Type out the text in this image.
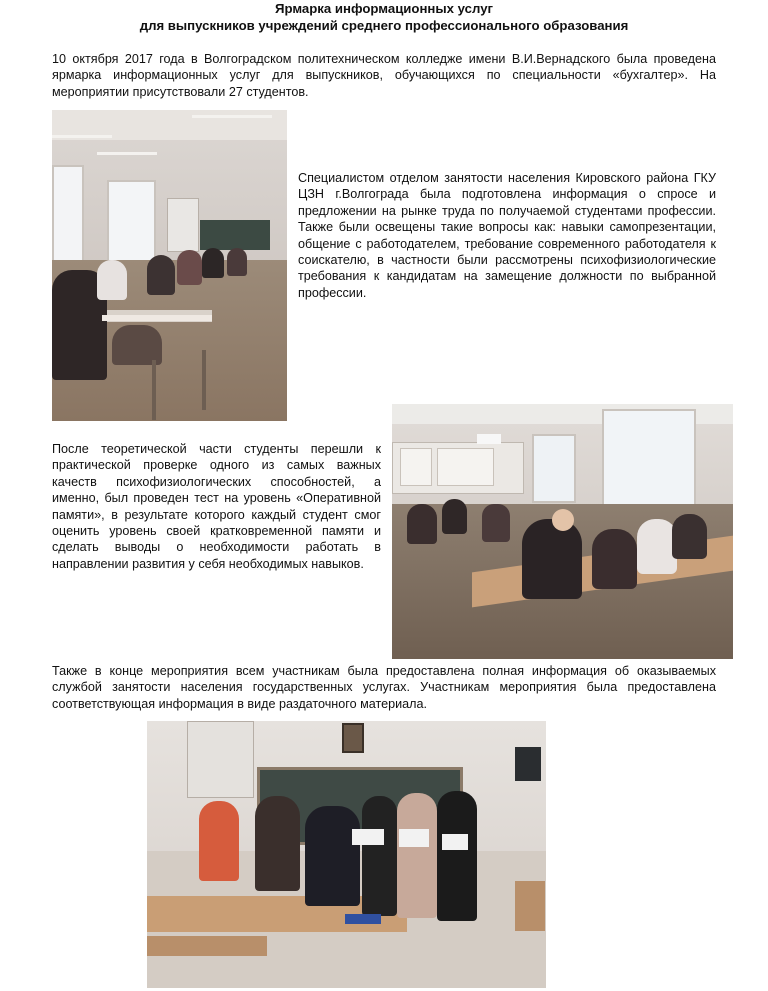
Ярмарка информационных услуг
для выпускников учреждений среднего профессионального образования
10 октября 2017 года в Волгоградском политехническом колледже имени В.И.Вернадского была проведена ярмарка информационных услуг для выпускников, обучающихся по специальности «бухгалтер». На мероприятии присутствовали 27 студентов.
Специалистом отделом занятости населения Кировского района ГКУ ЦЗН г.Волгограда была подготовлена информация о спросе и предложении на рынке труда по получаемой студентами профессии. Также были освещены такие вопросы как: навыки самопрезентации, общение с работодателем, требование современного работодателя к соискателю, в частности были рассмотрены психофизиологические требования к кандидатам на замещение должности по выбранной профессии.
После теоретической части студенты перешли к практической проверке одного из самых важных качеств психофизиологических способностей, а именно, был проведен тест на уровень «Оперативной памяти», в результате которого каждый студент смог оценить уровень своей кратковременной памяти и сделать выводы о необходимости работать в направлении развития у себя необходимых навыков.
Также в конце мероприятия всем участникам была предоставлена полная информация об оказываемых службой занятости населения государственных услугах. Участникам мероприятия была предоставлена соответствующая информация в виде раздаточного материала.
